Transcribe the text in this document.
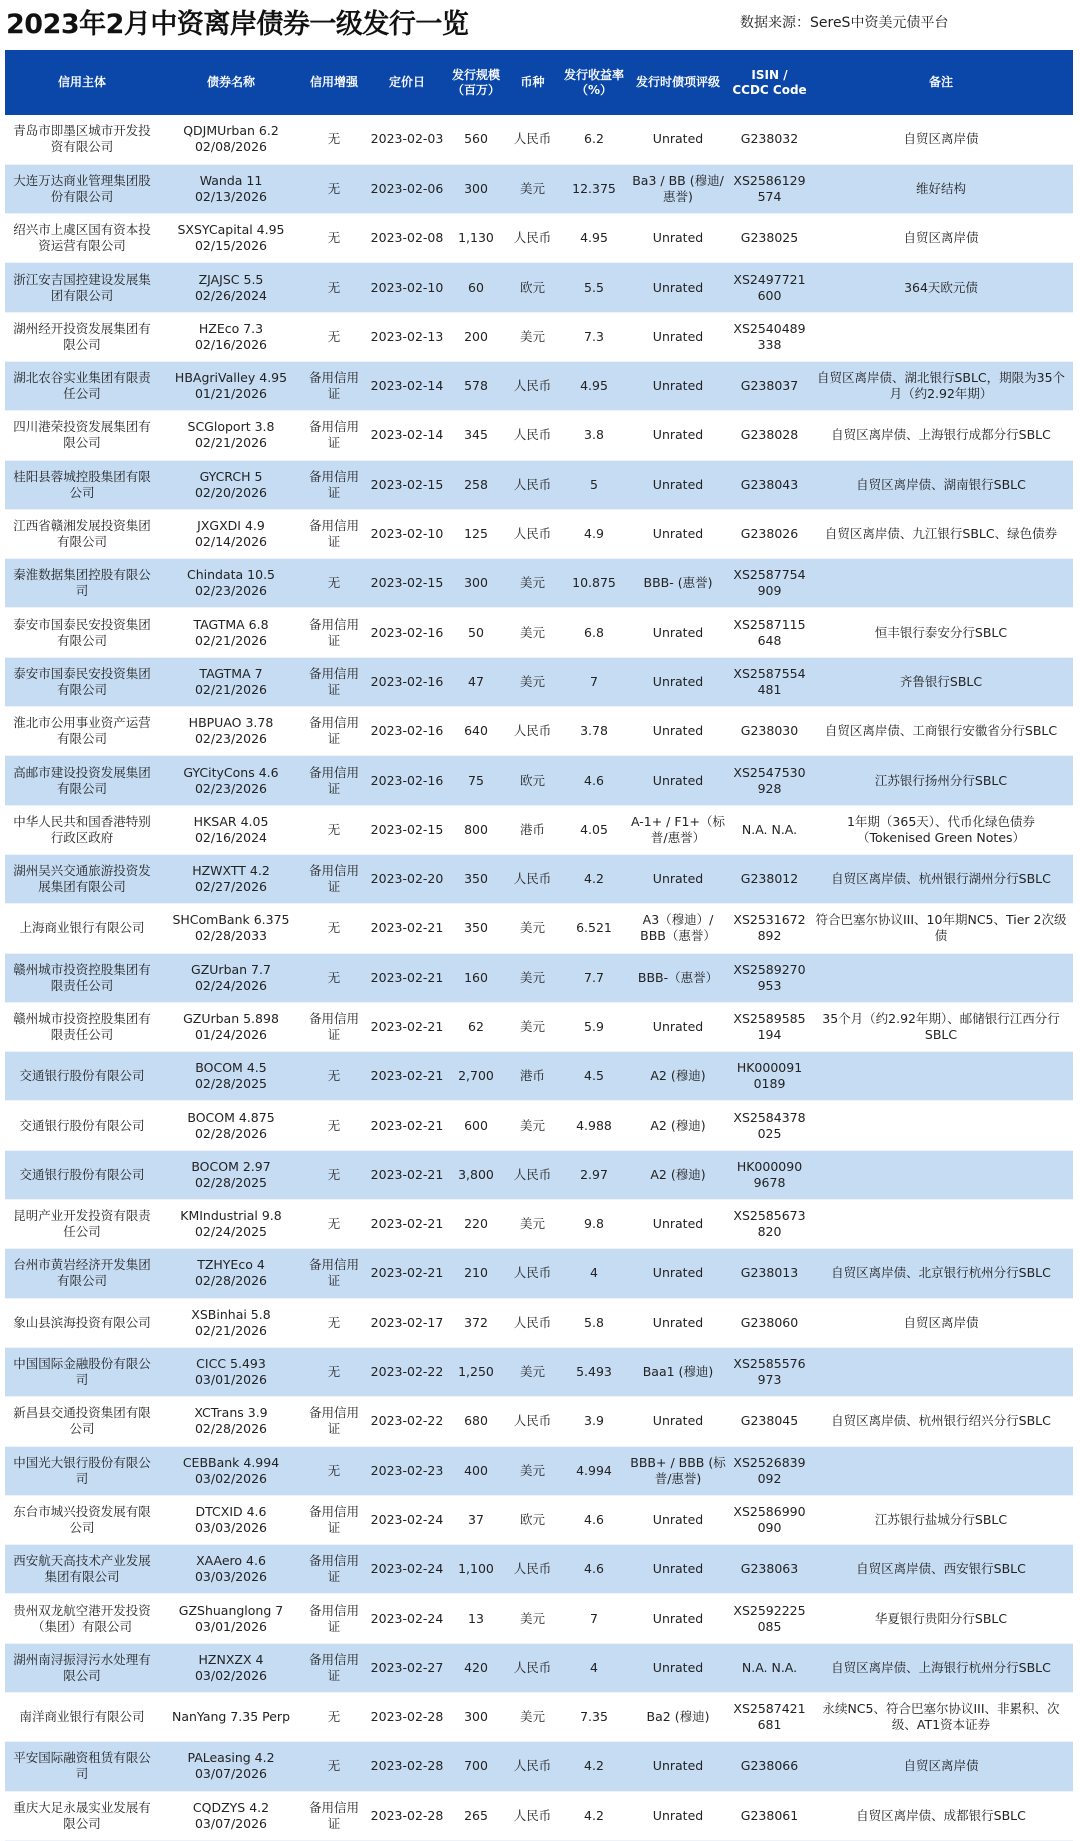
2023年2月中资离岸债券一级发行一览	数据来源：SereS中资美元债平台
信用主体	债券名称	信用增强	定价日	发行规模（百万）	币种	发行收益率（%）	发行时债项评级	ISIN / CCDC Code	备注
青岛市即墨区城市开发投资有限公司	QDJMUrban 6.2 02/08/2026	无	2023-02-03	560	人民币	6.2	Unrated	G238032	自贸区离岸债
大连万达商业管理集团股份有限公司	Wanda 11 02/13/2026	无	2023-02-06	300	美元	12.375	Ba3 / BB (穆迪/惠誉)	XS2586129574	维好结构
绍兴市上虞区国有资本投资运营有限公司	SXSYCapital 4.95 02/15/2026	无	2023-02-08	1,130	人民币	4.95	Unrated	G238025	自贸区离岸债
浙江安吉国控建设发展集团有限公司	ZJAJSC 5.5 02/26/2024	无	2023-02-10	60	欧元	5.5	Unrated	XS2497721600	364天欧元债
湖州经开投资发展集团有限公司	HZEco 7.3 02/16/2026	无	2023-02-13	200	美元	7.3	Unrated	XS2540489338	
湖北农谷实业集团有限责任公司	HBAgriValley 4.95 01/21/2026	备用信用证	2023-02-14	578	人民币	4.95	Unrated	G238037	自贸区离岸债、湖北银行SBLC，期限为35个月（约2.92年期）
四川港荣投资发展集团有限公司	SCGloport 3.8 02/21/2026	备用信用证	2023-02-14	345	人民币	3.8	Unrated	G238028	自贸区离岸债、上海银行成都分行SBLC
桂阳县蓉城控股集团有限公司	GYCRCH 5 02/20/2026	备用信用证	2023-02-15	258	人民币	5	Unrated	G238043	自贸区离岸债、湖南银行SBLC
江西省赣湘发展投资集团有限公司	JXGXDI 4.9 02/14/2026	备用信用证	2023-02-10	125	人民币	4.9	Unrated	G238026	自贸区离岸债、九江银行SBLC、绿色债券
秦淮数据集团控股有限公司	Chindata 10.5 02/23/2026	无	2023-02-15	300	美元	10.875	BBB- (惠誉)	XS2587754909	
泰安市国泰民安投资集团有限公司	TAGTMA 6.8 02/21/2026	备用信用证	2023-02-16	50	美元	6.8	Unrated	XS2587115648	恒丰银行泰安分行SBLC
泰安市国泰民安投资集团有限公司	TAGTMA 7 02/21/2026	备用信用证	2023-02-16	47	美元	7	Unrated	XS2587554481	齐鲁银行SBLC
淮北市公用事业资产运营有限公司	HBPUAO 3.78 02/23/2026	备用信用证	2023-02-16	640	人民币	3.78	Unrated	G238030	自贸区离岸债、工商银行安徽省分行SBLC
高邮市建设投资发展集团有限公司	GYCityCons 4.6 02/23/2026	备用信用证	2023-02-16	75	欧元	4.6	Unrated	XS2547530928	江苏银行扬州分行SBLC
中华人民共和国香港特别行政区政府	HKSAR 4.05 02/16/2024	无	2023-02-15	800	港币	4.05	A-1+ / F1+（标普/惠誉）	N.A. N.A.	1年期（365天）、代币化绿色债券（Tokenised Green Notes）
湖州吴兴交通旅游投资发展集团有限公司	HZWXTT 4.2 02/27/2026	备用信用证	2023-02-20	350	人民币	4.2	Unrated	G238012	自贸区离岸债、杭州银行湖州分行SBLC
上海商业银行有限公司	SHComBank 6.375 02/28/2033	无	2023-02-21	350	美元	6.521	A3（穆迪）/ BBB（惠誉）	XS2531672892	符合巴塞尔协议III、10年期NC5、Tier 2次级债
赣州城市投资控股集团有限责任公司	GZUrban 7.7 02/24/2026	无	2023-02-21	160	美元	7.7	BBB-（惠誉）	XS2589270953	
赣州城市投资控股集团有限责任公司	GZUrban 5.898 01/24/2026	备用信用证	2023-02-21	62	美元	5.9	Unrated	XS2589585194	35个月（约2.92年期）、邮储银行江西分行SBLC
交通银行股份有限公司	BOCOM 4.5 02/28/2025	无	2023-02-21	2,700	港币	4.5	A2 (穆迪)	HK0000910189	
交通银行股份有限公司	BOCOM 4.875 02/28/2026	无	2023-02-21	600	美元	4.988	A2 (穆迪)	XS2584378025	
交通银行股份有限公司	BOCOM 2.97 02/28/2025	无	2023-02-21	3,800	人民币	2.97	A2 (穆迪)	HK0000909678	
昆明产业开发投资有限责任公司	KMIndustrial 9.8 02/24/2025	无	2023-02-21	220	美元	9.8	Unrated	XS2585673820	
台州市黄岩经济开发集团有限公司	TZHYEco 4 02/28/2026	备用信用证	2023-02-21	210	人民币	4	Unrated	G238013	自贸区离岸债、北京银行杭州分行SBLC
象山县滨海投资有限公司	XSBinhai 5.8 02/21/2026	无	2023-02-17	372	人民币	5.8	Unrated	G238060	自贸区离岸债
中国国际金融股份有限公司	CICC 5.493 03/01/2026	无	2023-02-22	1,250	美元	5.493	Baa1 (穆迪)	XS2585576973	
新昌县交通投资集团有限公司	XCTrans 3.9 02/28/2026	备用信用证	2023-02-22	680	人民币	3.9	Unrated	G238045	自贸区离岸债、杭州银行绍兴分行SBLC
中国光大银行股份有限公司	CEBBank 4.994 03/02/2026	无	2023-02-23	400	美元	4.994	BBB+ / BBB (标普/惠誉)	XS2526839092	
东台市城兴投资发展有限公司	DTCXID 4.6 03/03/2026	备用信用证	2023-02-24	37	欧元	4.6	Unrated	XS2586990090	江苏银行盐城分行SBLC
西安航天高技术产业发展集团有限公司	XAAero 4.6 03/03/2026	备用信用证	2023-02-24	1,100	人民币	4.6	Unrated	G238063	自贸区离岸债、西安银行SBLC
贵州双龙航空港开发投资（集团）有限公司	GZShuanglong 7 03/01/2026	备用信用证	2023-02-24	13	美元	7	Unrated	XS2592225085	华夏银行贵阳分行SBLC
湖州南浔振浔污水处理有限公司	HZNXZX 4 03/02/2026	备用信用证	2023-02-27	420	人民币	4	Unrated	N.A. N.A.	自贸区离岸债、上海银行杭州分行SBLC
南洋商业银行有限公司	NanYang 7.35 Perp	无	2023-02-28	300	美元	7.35	Ba2 (穆迪)	XS2587421681	永续NC5、符合巴塞尔协议III、非累积、次级、AT1资本证券
平安国际融资租赁有限公司	PALeasing 4.2 03/07/2026	无	2023-02-28	700	人民币	4.2	Unrated	G238066	自贸区离岸债
重庆大足永晟实业发展有限公司	CQDZYS 4.2 03/07/2026	备用信用证	2023-02-28	265	人民币	4.2	Unrated	G238061	自贸区离岸债、成都银行SBLC
